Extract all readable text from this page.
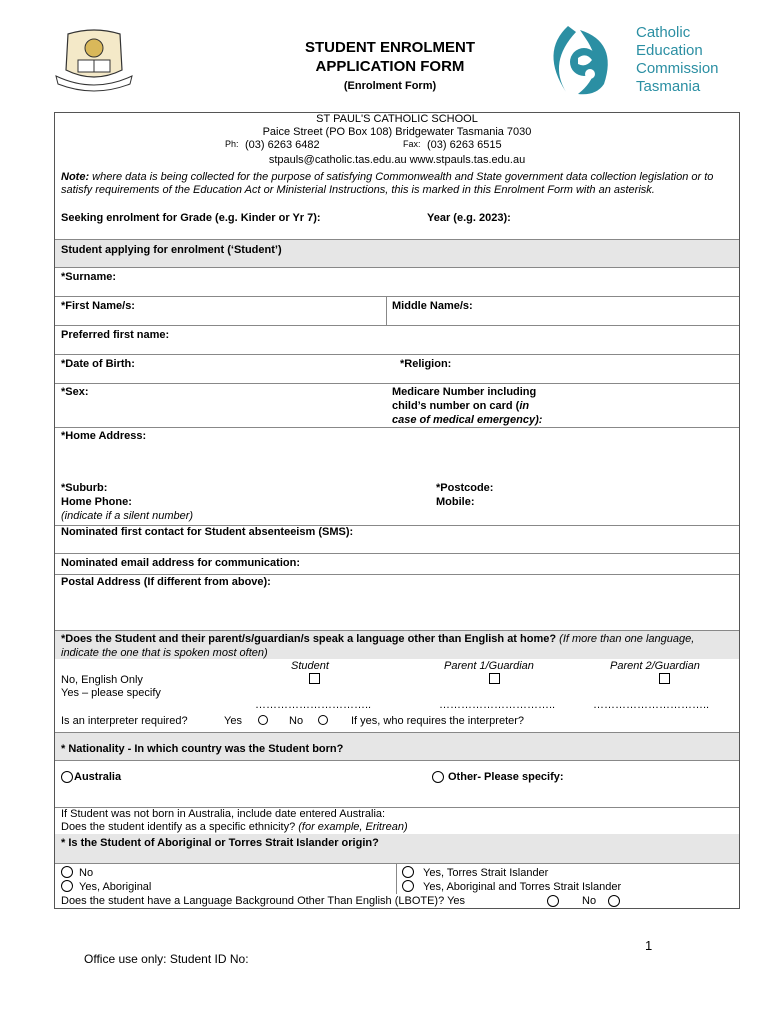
STUDENT ENROLMENT
APPLICATION FORM
(Enrolment Form)
Catholic
Education
Commission
Tasmania
ST PAUL'S CATHOLIC SCHOOL
Paice Street (PO Box 108) Bridgewater Tasmania 7030
Ph: (03) 6263 6482	Fax: (03) 6263 6515
stpauls@catholic.tas.edu.au www.stpauls.tas.edu.au
Note: where data is being collected for the purpose of satisfying Commonwealth and State government data collection legislation or to satisfy requirements of the Education Act or Ministerial Instructions, this is marked in this Enrolment Form with an asterisk.
Seeking enrolment for Grade (e.g. Kinder or Yr 7):	Year (e.g. 2023):
Student applying for enrolment (‘Student’)
*Surname:
*First Name/s:	Middle Name/s:
Preferred first name:
*Date of Birth:	*Religion:
*Sex:	Medicare Number including
child’s number on card (in
case of medical emergency):
*Home Address:
*Suburb:	*Postcode:
Home Phone:	Mobile:
(indicate if a silent number)
Nominated first contact for Student absenteeism (SMS):
Nominated email address for communication:
Postal Address (If different from above):
*Does the Student and their parent/s/guardian/s speak a language other than English at home? (If more than one language, indicate the one that is spoken most often)
Student	Parent 1/Guardian	Parent 2/Guardian
No, English Only
Yes – please specify
…………………………..	…………………………..	…………………………..
Is an interpreter required?	Yes	No	If yes, who requires the interpreter?
* Nationality - In which country was the Student born?
Australia	Other- Please specify:
If Student was not born in Australia, include date entered Australia:
Does the student identify as a specific ethnicity? (for example, Eritrean)
* Is the Student of Aboriginal or Torres Strait Islander origin?
No
Yes, Aboriginal
Yes, Torres Strait Islander
Yes, Aboriginal and Torres Strait Islander
Does the student have a Language Background Other Than English (LBOTE)? Yes	No
1
Office use only: Student ID No:
